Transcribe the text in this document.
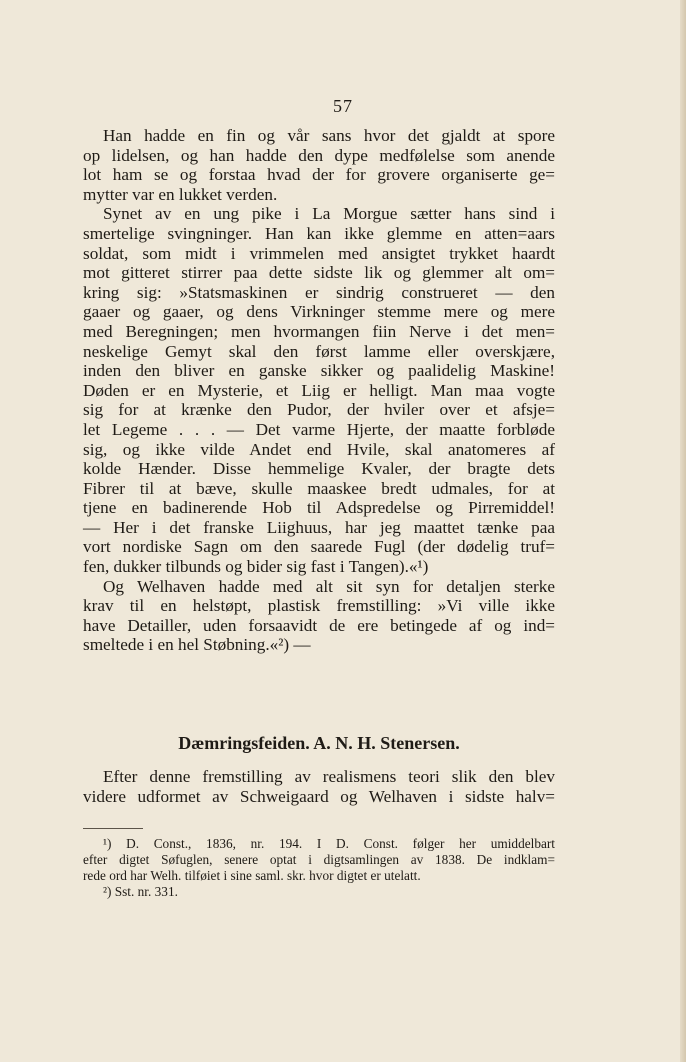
57
Han hadde en fin og vår sans hvor det gjaldt at spore
op lidelsen, og han hadde den dype medfølelse som anende
lot ham se og forstaa hvad der for grovere organiserte ge=
mytter var en lukket verden.
Synet av en ung pike i La Morgue sætter hans sind i
smertelige svingninger. Han kan ikke glemme en atten=aars
soldat, som midt i vrimmelen med ansigtet trykket haardt
mot gitteret stirrer paa dette sidste lik og glemmer alt om=
kring sig: »Statsmaskinen er sindrig construeret — den
gaaer og gaaer, og dens Virkninger stemme mere og mere
med Beregningen; men hvormangen fiin Nerve i det men=
neskelige Gemyt skal den først lamme eller overskjære,
inden den bliver en ganske sikker og paalidelig Maskine!
Døden er en Mysterie, et Liig er helligt. Man maa vogte
sig for at krænke den Pudor, der hviler over et afsje=
let Legeme . . . — Det varme Hjerte, der maatte forbløde
sig, og ikke vilde Andet end Hvile, skal anatomeres af
kolde Hænder. Disse hemmelige Kvaler, der bragte dets
Fibrer til at bæve, skulle maaskee bredt udmales, for at
tjene en badinerende Hob til Adspredelse og Pirremiddel!
— Her i det franske Liighuus, har jeg maattet tænke paa
vort nordiske Sagn om den saarede Fugl (der dødelig truf=
fen, dukker tilbunds og bider sig fast i Tangen).«¹)
Og Welhaven hadde med alt sit syn for detaljen sterke
krav til en helstøpt, plastisk fremstilling: »Vi ville ikke
have Detailler, uden forsaavidt de ere betingede af og ind=
smeltede i en hel Støbning.«²) —
Dæmringsfeiden. A. N. H. Stenersen.
Efter denne fremstilling av realismens teori slik den blev
videre udformet av Schweigaard og Welhaven i sidste halv=
¹) D. Const., 1836, nr. 194. I D. Const. følger her umiddelbart
efter digtet Søfuglen, senere optat i digtsamlingen av 1838. De indklam=
rede ord har Welh. tilføiet i sine saml. skr. hvor digtet er utelatt.
²) Sst. nr. 331.
